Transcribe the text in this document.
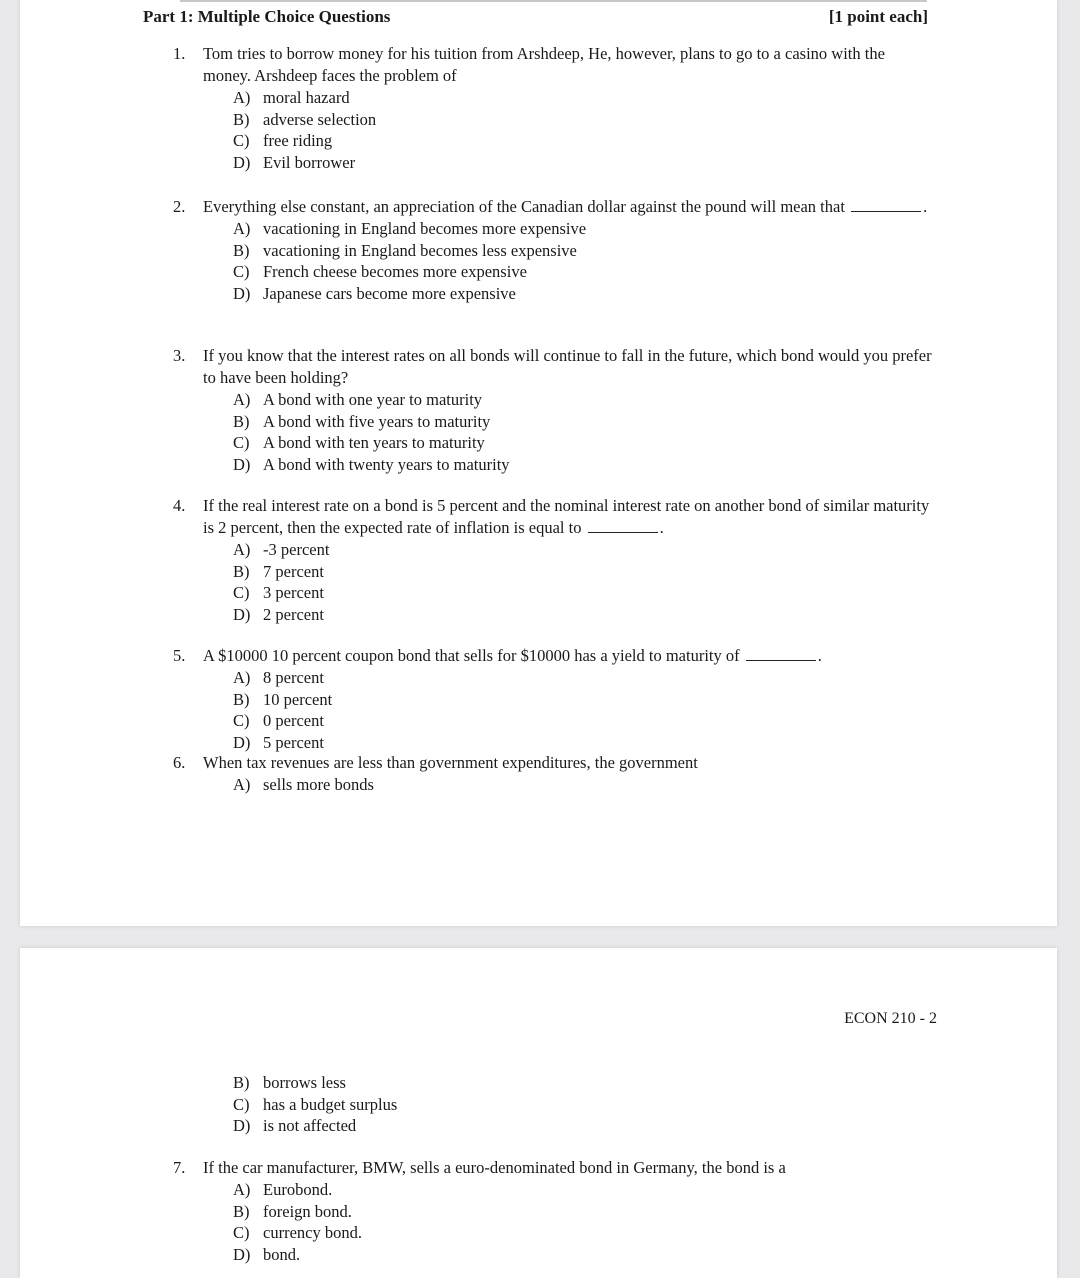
Part 1: Multiple Choice Questions	[1 point each]
1.	Tom tries to borrow money for his tuition from Arshdeep, He, however, plans to go to a casino with the money. Arshdeep faces the problem of
A) moral hazard
B) adverse selection
C) free riding
D) Evil borrower
2.	Everything else constant, an appreciation of the Canadian dollar against the pound will mean that	.
A) vacationing in England becomes more expensive
B) vacationing in England becomes less expensive
C) French cheese becomes more expensive
D) Japanese cars become more expensive
3.	If you know that the interest rates on all bonds will continue to fall in the future, which bond would you prefer to have been holding?
A) A bond with one year to maturity
B) A bond with five years to maturity
C) A bond with ten years to maturity
D) A bond with twenty years to maturity
4.	If the real interest rate on a bond is 5 percent and the nominal interest rate on another bond of similar maturity is 2 percent, then the expected rate of inflation is equal to	.
A) -3 percent
B) 7 percent
C) 3 percent
D) 2 percent
5.	A $10000 10 percent coupon bond that sells for $10000 has a yield to maturity of	.
A) 8 percent
B) 10 percent
C) 0 percent
D) 5 percent
6.	When tax revenues are less than government expenditures, the government
A) sells more bonds
ECON 210 - 2
B) borrows less
C) has a budget surplus
D) is not affected
7.	If the car manufacturer, BMW, sells a euro-denominated bond in Germany, the bond is a
A) Eurobond.
B) foreign bond.
C) currency bond.
D) bond.
